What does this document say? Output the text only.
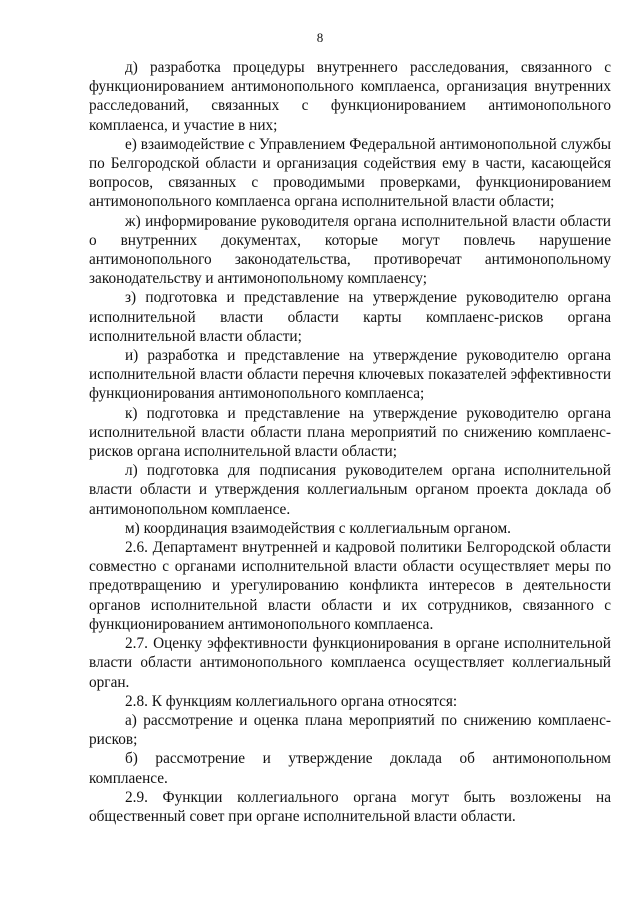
8

д) разработка процедуры внутреннего расследования, связанного с функционированием антимонопольного комплаенса, организация внутренних расследований, связанных с функционированием антимонопольного комплаенса, и участие в них;

е) взаимодействие с Управлением Федеральной антимонопольной службы по Белгородской области и организация содействия ему в части, касающейся вопросов, связанных с проводимыми проверками, функционированием антимонопольного комплаенса органа исполнительной власти области;

ж) информирование руководителя органа исполнительной власти области о внутренних документах, которые могут повлечь нарушение антимонопольного законодательства, противоречат антимонопольному законодательству и антимонопольному комплаенсу;

з) подготовка и представление на утверждение руководителю органа исполнительной власти области карты комплаенс-рисков органа исполнительной власти области;

и) разработка и представление на утверждение руководителю органа исполнительной власти области перечня ключевых показателей эффективности функционирования антимонопольного комплаенса;

к) подготовка и представление на утверждение руководителю органа исполнительной власти области плана мероприятий по снижению комплаенс-рисков органа исполнительной власти области;

л) подготовка для подписания руководителем органа исполнительной власти области и утверждения коллегиальным органом проекта доклада об антимонопольном комплаенсе.

м) координация взаимодействия с коллегиальным органом.

2.6. Департамент внутренней и кадровой политики Белгородской области совместно с органами исполнительной власти области осуществляет меры по предотвращению и урегулированию конфликта интересов в деятельности органов исполнительной власти области и их сотрудников, связанного с функционированием антимонопольного комплаенса.

2.7. Оценку эффективности функционирования в органе исполнительной власти области антимонопольного комплаенса осуществляет коллегиальный орган.

2.8. К функциям коллегиального органа относятся:

а) рассмотрение и оценка плана мероприятий по снижению комплаенс-рисков;

б) рассмотрение и утверждение доклада об антимонопольном комплаенсе.

2.9. Функции коллегиального органа могут быть возложены на общественный совет при органе исполнительной власти области.
